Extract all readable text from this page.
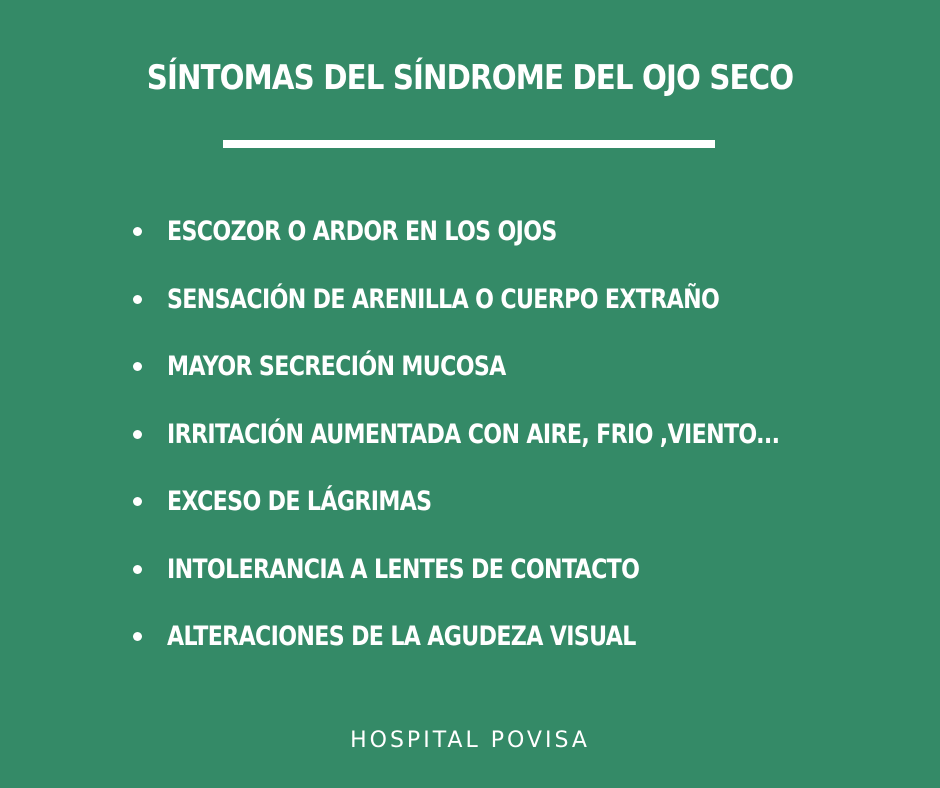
SÍNTOMAS DEL SÍNDROME DEL OJO SECO
ESCOZOR O ARDOR EN LOS OJOS
SENSACIÓN DE ARENILLA O CUERPO EXTRAÑO
MAYOR SECRECIÓN MUCOSA
IRRITACIÓN AUMENTADA CON AIRE, FRIO ,VIENTO...
EXCESO DE LÁGRIMAS
INTOLERANCIA A LENTES DE CONTACTO
ALTERACIONES DE LA AGUDEZA VISUAL

HOSPITAL POVISA
